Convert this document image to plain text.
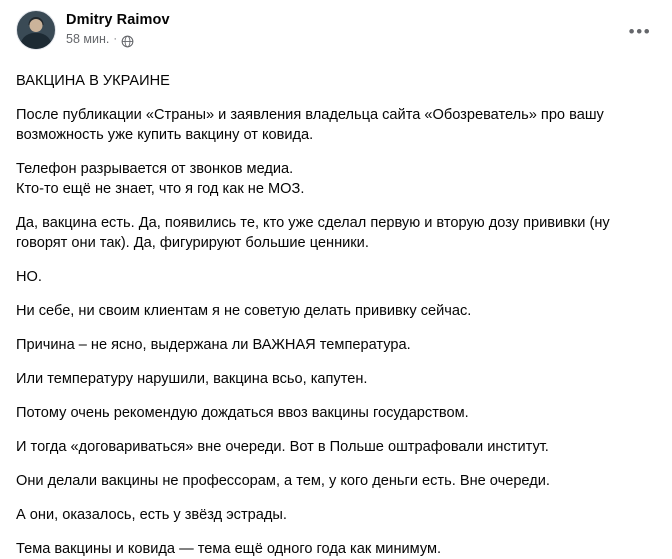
Dmitry Raimov
58 мин. ·	•••

ВАКЦИНА В УКРАИНЕ

После публикации «Страны» и заявления владельца сайта «Обозреватель» про вашу
возможность уже купить вакцину от ковида.

Телефон разрывается от звонков медиа.
Кто-то ещё не знает, что я год как не МОЗ.

Да, вакцина есть. Да, появились те, кто уже сделал первую и вторую дозу прививки (ну
говорят они так). Да, фигурируют большие ценники.

НО.

Ни себе, ни своим клиентам я не советую делать прививку сейчас.

Причина – не ясно, выдержана ли ВАЖНАЯ температура.

Или температуру нарушили, вакцина всьо, капутен.

Потому очень рекомендую дождаться ввоз вакцины государством.

И тогда «договариваться» вне очереди. Вот в Польше оштрафовали институт.

Они делали вакцины не профессорам, а тем, у кого деньги есть. Вне очереди.

А они, оказалось, есть у звёзд эстрады.

Тема вакцины и ковида — тема ещё одного года как минимум.
